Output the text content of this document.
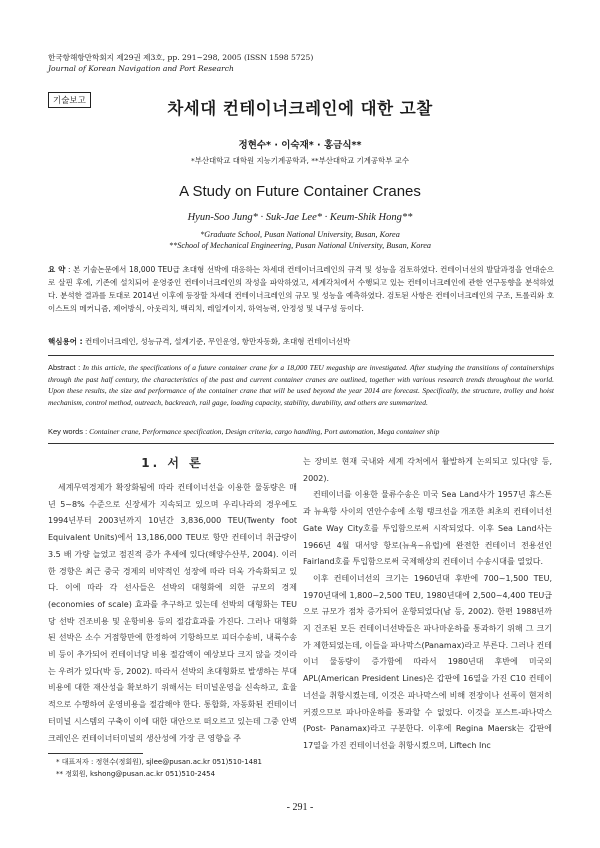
한국항해항만학회지 제29권 제3호, pp. 291~298, 2005 (ISSN 1598 5725)
Journal of Korean Navigation and Port Research
기술보고	차세대 컨테이너크레인에 대한 고찰
정현수* · 이숙재* · 홍금식**
*부산대학교 대학원 지능기계공학과, **부산대학교 기계공학부 교수
A Study on Future Container Cranes
Hyun-Soo Jung* · Suk-Jae Lee* · Keum-Shik Hong**
*Graduate School, Pusan National University, Busan, Korea
**School of Mechanical Engineering, Pusan National University, Busan, Korea
요 약 : 본 기술논문에서 18,000 TEU급 초대형 선박에 대응하는 차세대 컨테이너크레인의 규격 및 성능을 검토하였다. 컨테이너선의 발달과정을 연대순으로 살핀 후에, 기존에 설치되어 운영중인 컨테이너크레인의 작성을 파악하였고, 세계각처에서 수행되고 있는 컨테이너크레인에 관한 연구동향을 분석하였다. 분석한 결과를 토대로 2014년 이후에 등장할 차세대 컨테이너크레인의 규모 및 성능을 예측하였다. 검토된 사항은 컨테이너크레인의 구조, 트롤리와 호이스트의 메커니즘, 제어방식, 아웃리치, 백리치, 레일게이지, 하역능력, 안정성 및 내구성 등이다.
핵심용어 : 컨테이너크레인, 성능규격, 설계기준, 무인운영, 항만자동화, 초대형 컨테이너선박
Abstract : In this article, the specifications of a future container crane for a 18,000 TEU megaship are investigated. After studying the transitions of containerships through the past half century, the characteristics of the past and current container cranes are outlined, together with various research trends throughout the world. Upon these results, the size and performance of the container crane that will be used beyond the year 2014 are forecast. Specifically, the structure, trolley and hoist mechanism, control method, outreach, backreach, rail gage, loading capacity, stability, durability, and others are summarized.
Key words : Container crane, Performance specification, Design criteria, cargo handling, Port automation, Mega container ship
1. 서 론

세계무역경제가 확장화됨에 따라 컨테이너선을 이용한 물동량은 매년 5~8% 수준으로 신장세가 지속되고 있으며 우리나라의 경우에도 1994년부터 2003년까지 10년간 3,836,000 TEU(Twenty foot Equivalent Units)에서 13,186,000 TEU로 항만 컨테이너 취급량이 3.5 배 가량 늘었고 점진적 증가 추세에 있다(해양수산부, 2004). 이러한 경향은 최근 중국 경제의 비약적인 성장에 따라 더욱 가속화되고 있다. 이에 따라 각 선사들은 선박의 대형화에 의한 규모의 경제(economies of scale) 효과를 추구하고 있는데 선박의 대형화는 TEU당 선박 건조비용 및 운항비용 등의 절감효과를 가진다. 그러나 대형화된 선박은 소수 거점항만에 한정하여 기항하므로 피더수송비, 내륙수송비 등이 추가되어 컨테이너당 비용 절감액이 예상보다 크지 않을 것이라는 우려가 있다(박 등, 2002). 따라서 선박의 초대형화로 발생하는 부대비용에 대한 재산성을 확보하기 위해서는 터미널운영을 신속하고, 효율적으로 수행하여 운영비용을 절감해야 한다. 통합화, 자동화된 컨테이너터미널 시스템의 구축이 이에 대한 대안으로 떠오르고 있는데 그중 안벽크레인은 컨테이너터미널의 생산성에 가장 큰 영향을 주

는 장비로 현재 국내와 세계 각처에서 활발하게 논의되고 있다(양 등, 2002).

컨테이너를 이용한 물류수송은 미국 Sea Land사가 1957년 휴스톤과 뉴욕항 사이의 연안수송에 소형 탱크선을 개조한 최초의 컨테이너선 Gate Way City호를 투입함으로써 시작되었다. 이후 Sea Land사는 1966년 4월 대서양 항로(뉴욕~유럽)에 완전한 컨테이너 전용선인 Fairland호를 투입함으로써 국제해상의 컨테이너 수송시대를 열었다.

이후 컨테이너선의 크기는 1960년대 후반에 700~1,500 TEU, 1970년대에 1,800~2,500 TEU, 1980년대에 2,500~4,400 TEU급으로 규모가 점차 증가되어 운항되었다(남 등, 2002). 한편 1988년까지 건조된 모든 컨테이너선박들은 파나마운하를 통과하기 위해 그 크기가 제한되었는데, 이들을 파나막스(Panamax)라고 부른다. 그러나 컨테이너 물동량이 증가함에 따라서 1980년대 후반에 미국의 APL(American President Lines)은 갑판에 16열을 가진 C10 컨테이너선을 취항시켰는데, 이것은 파나막스에 비해 전장이나 선폭이 현저히 커졌으므로 파나마운하를 통과할 수 없었다. 이것을 포스트-파나막스(Post- Panamax)라고 구분한다. 이후에 Regina Maersk는 갑판에 17열을 가진 컨테이너선을 취항시켰으며, Liftech Inc

* 대표저자 : 정현수(정회원), sjlee@pusan.ac.kr 051)510-1481
** 정회원, kshong@pusan.ac.kr 051)510-2454
- 291 -
